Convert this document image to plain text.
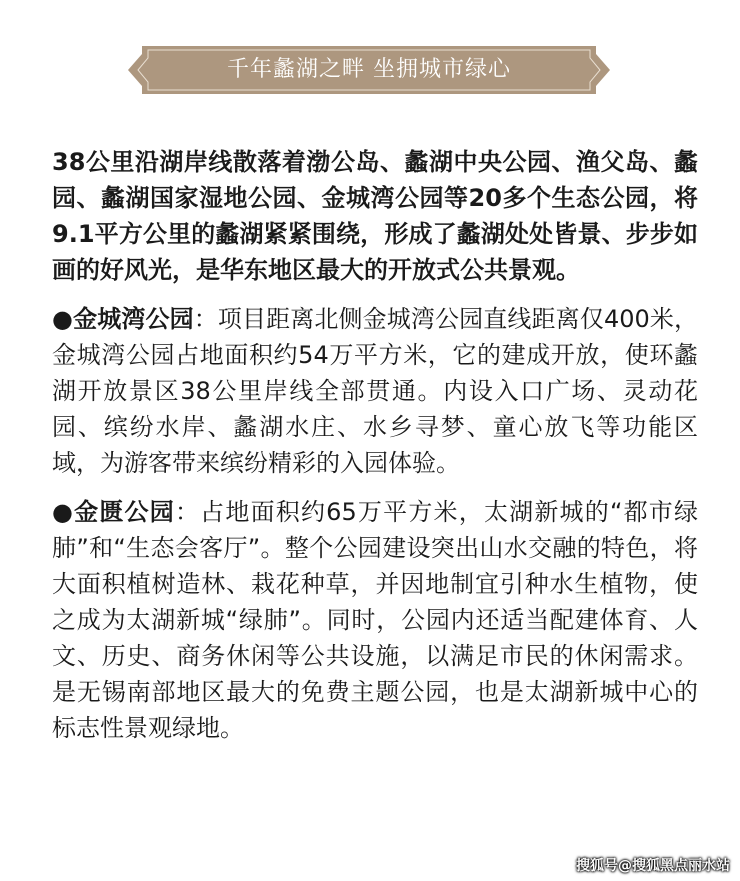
千年蠡湖之畔 坐拥城市绿心

38公里沿湖岸线散落着渤公岛、蠡湖中央公园、渔父岛、蠡园、蠡湖国家湿地公园、金城湾公园等20多个生态公园，将9.1平方公里的蠡湖紧紧围绕，形成了蠡湖处处皆景、步步如画的好风光，是华东地区最大的开放式公共景观。

●金城湾公园：项目距离北侧金城湾公园直线距离仅400米，金城湾公园占地面积约54万平方米，它的建成开放，使环蠡湖开放景区38公里岸线全部贯通。内设入口广场、灵动花园、缤纷水岸、蠡湖水庄、水乡寻梦、童心放飞等功能区域，为游客带来缤纷精彩的入园体验。

●金匮公园：占地面积约65万平方米，太湖新城的“都市绿肺”和“生态会客厅”。整个公园建设突出山水交融的特色，将大面积植树造林、栽花种草，并因地制宜引种水生植物，使之成为太湖新城“绿肺”。同时，公园内还适当配建体育、人文、历史、商务休闲等公共设施，以满足市民的休闲需求。是无锡南部地区最大的免费主题公园，也是太湖新城中心的标志性景观绿地。

搜狐号@搜狐黑点丽水站
